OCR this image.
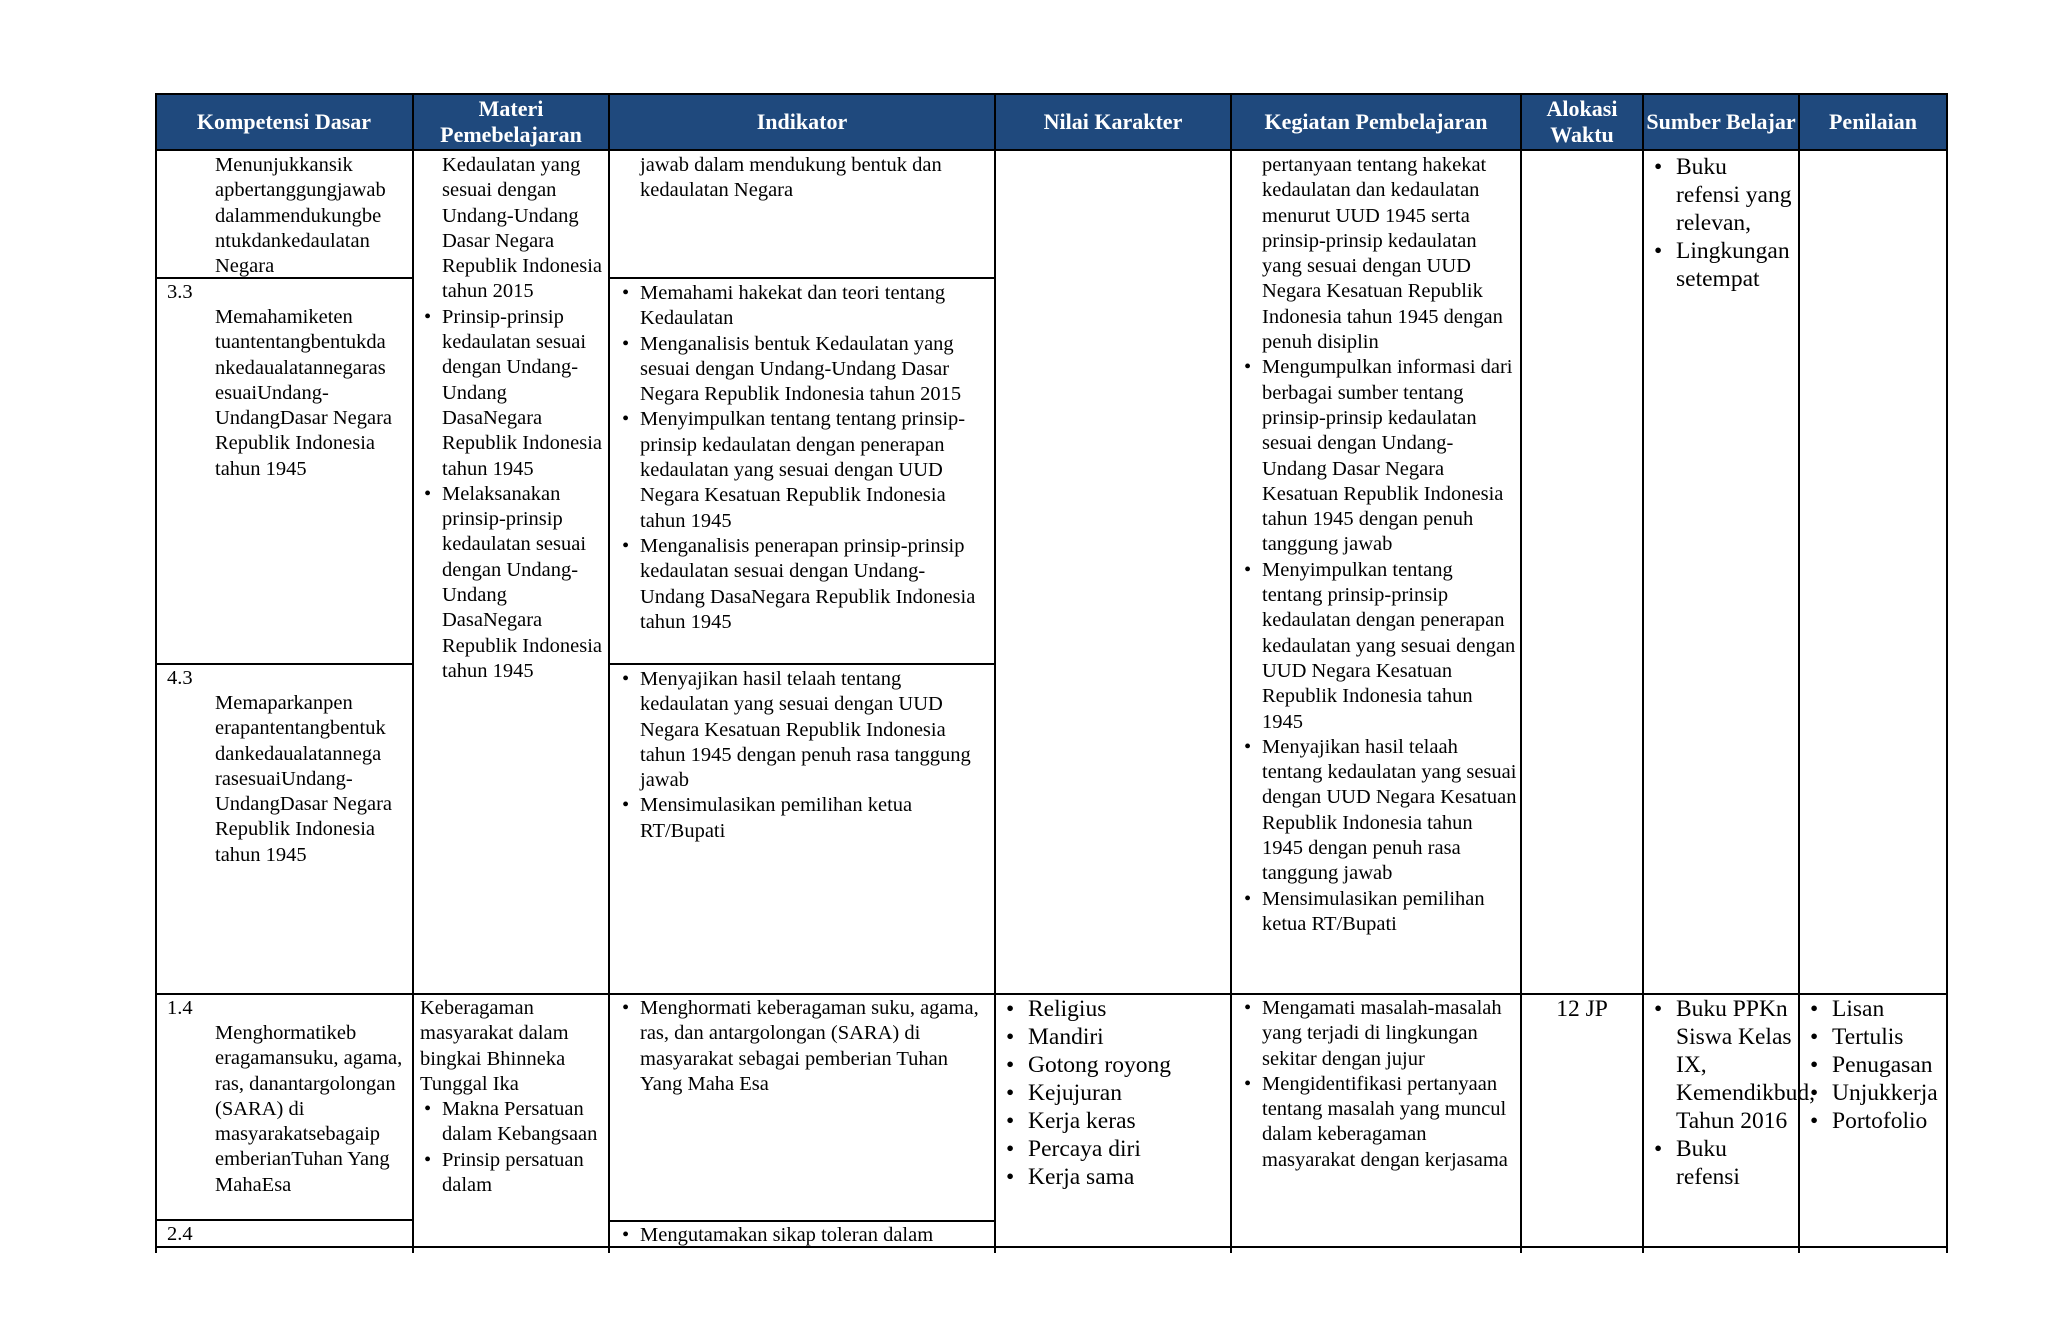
Kompetensi Dasar
Materi Pemebelajaran
Indikator	Nilai Karakter	Kegiatan Pembelajaran
Alokasi Waktu
Sumber Belajar	Penilaian
Menunjukkansik apbertanggungjawab dalammendukungbe ntukdankedaulatan Negara
3.3
Memahamiketen tuantentangbentukda nkedaualatannegaras esuaiUndang-UndangDasar Negara Republik Indonesia tahun 1945
4.3
Memaparkanpen erapantentangbentuk dankedaualatannega rasesuaiUndang-UndangDasar Negara Republik Indonesia tahun 1945
Kedaulatan yang sesuai dengan Undang-Undang Dasar Negara Republik Indonesia tahun 2015
• Prinsip-prinsip kedaulatan sesuai dengan Undang-Undang DasaNegara Republik Indonesia tahun 1945
• Melaksanakan prinsip-prinsip kedaulatan sesuai dengan Undang-Undang DasaNegara Republik Indonesia tahun 1945
jawab dalam mendukung bentuk dan kedaulatan Negara
• Memahami hakekat dan teori tentang Kedaulatan
• Menganalisis bentuk Kedaulatan yang sesuai dengan Undang-Undang Dasar Negara Republik Indonesia tahun 2015
• Menyimpulkan tentang tentang prinsip-prinsip kedaulatan dengan penerapan kedaulatan yang sesuai dengan UUD Negara Kesatuan Republik Indonesia tahun 1945
• Menganalisis penerapan prinsip-prinsip kedaulatan sesuai dengan Undang-Undang DasaNegara Republik Indonesia tahun 1945
• Menyajikan hasil telaah tentang kedaulatan yang sesuai dengan UUD Negara Kesatuan Republik Indonesia tahun 1945 dengan penuh rasa tanggung jawab
• Mensimulasikan pemilihan ketua RT/Bupati
pertanyaan tentang hakekat kedaulatan dan kedaulatan menurut UUD 1945 serta prinsip-prinsip kedaulatan yang sesuai dengan UUD Negara Kesatuan Republik Indonesia tahun 1945 dengan penuh disiplin
• Mengumpulkan informasi dari berbagai sumber tentang prinsip-prinsip kedaulatan sesuai dengan Undang-Undang Dasar Negara Kesatuan Republik Indonesia tahun 1945 dengan penuh tanggung jawab
• Menyimpulkan tentang tentang prinsip-prinsip kedaulatan dengan penerapan kedaulatan yang sesuai dengan UUD Negara Kesatuan Republik Indonesia tahun 1945
• Menyajikan hasil telaah tentang kedaulatan yang sesuai dengan UUD Negara Kesatuan Republik Indonesia tahun 1945 dengan penuh rasa tanggung jawab
• Mensimulasikan pemilihan ketua RT/Bupati
• Buku refensi yang relevan,
• Lingkungan setempat
1.4
Menghormatikeb eragamansuku, agama, ras, danantargolongan (SARA) di masyarakatsebagaip emberianTuhan Yang MahaEsa
2.4
Keberagaman masyarakat dalam bingkai Bhinneka Tunggal Ika
• Makna Persatuan dalam Kebangsaan
• Prinsip persatuan dalam
• Menghormati keberagaman suku, agama, ras, dan antargolongan (SARA) di masyarakat sebagai pemberian Tuhan Yang Maha Esa
• Mengutamakan sikap toleran dalam
• Religius
• Mandiri
• Gotong royong
• Kejujuran
• Kerja keras
• Percaya diri
• Kerja sama
• Mengamati masalah-masalah yang terjadi di lingkungan sekitar dengan jujur
• Mengidentifikasi pertanyaan tentang masalah yang muncul dalam keberagaman masyarakat dengan kerjasama
12 JP
•	Buku PPKn Siswa Kelas IX, Kemendikbud, Tahun 2016
• Buku refensi
• Lisan
• Tertulis
• Penugasan
• Unjukkerja
• Portofolio
